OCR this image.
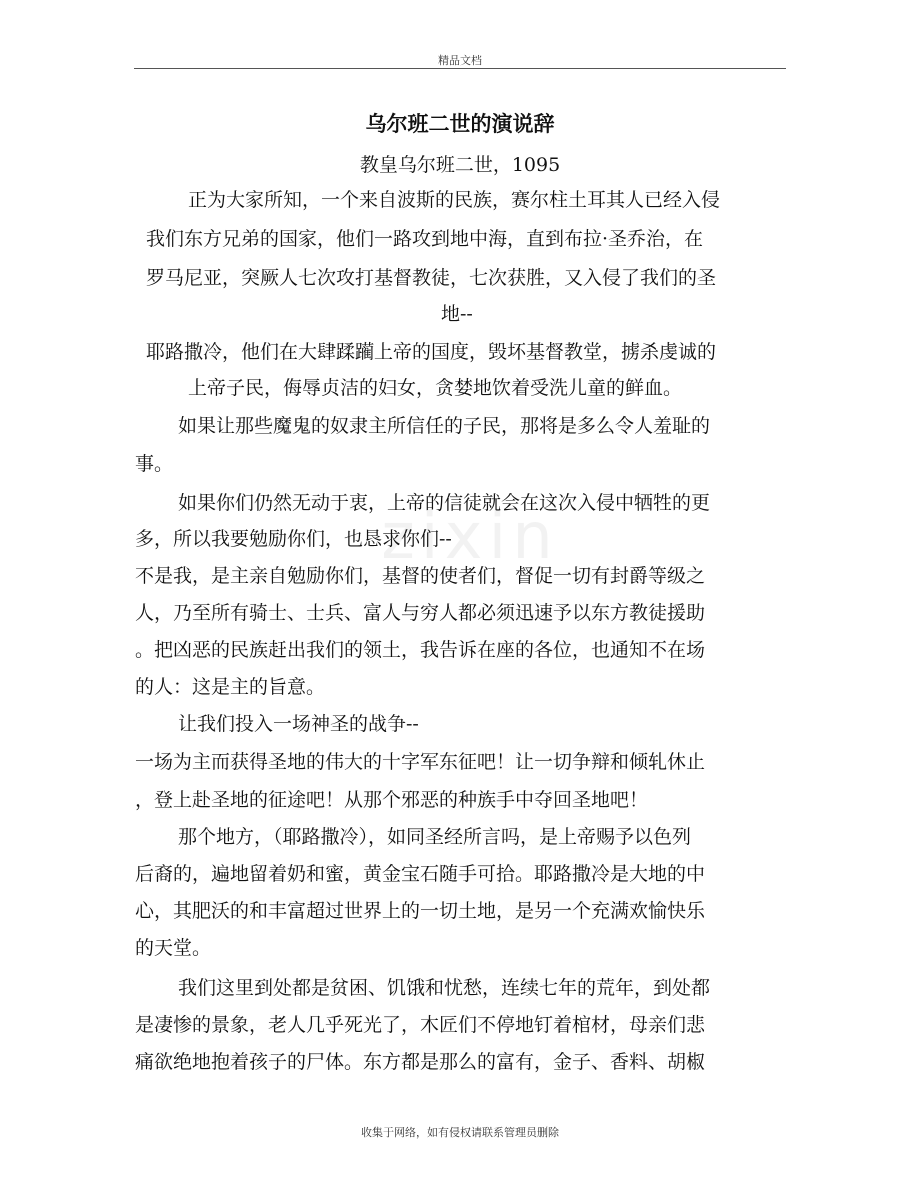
精品文档
zixin
乌尔班二世的演说辞
教皇乌尔班二世，1095
正为大家所知，一个来自波斯的民族，赛尔柱土耳其人已经入侵
我们东方兄弟的国家，他们一路攻到地中海，直到布拉·圣乔治，在
罗马尼亚，突厥人七次攻打基督教徒，七次获胜，又入侵了我们的圣
地--
耶路撒冷，他们在大肆蹂躏上帝的国度，毁坏基督教堂，掳杀虔诚的
上帝子民，侮辱贞洁的妇女，贪婪地饮着受洗儿童的鲜血。
如果让那些魔鬼的奴隶主所信任的子民，那将是多么令人羞耻的
事。
如果你们仍然无动于衷，上帝的信徒就会在这次入侵中牺牲的更
多，所以我要勉励你们，也恳求你们--
不是我，是主亲自勉励你们，基督的使者们，督促一切有封爵等级之
人，乃至所有骑士、士兵、富人与穷人都必须迅速予以东方教徒援助
。把凶恶的民族赶出我们的领土，我告诉在座的各位，也通知不在场
的人：这是主的旨意。
让我们投入一场神圣的战争--
一场为主而获得圣地的伟大的十字军东征吧！让一切争辩和倾轧休止
，登上赴圣地的征途吧！从那个邪恶的种族手中夺回圣地吧！
那个地方，（耶路撒冷），如同圣经所言吗，是上帝赐予以色列
后裔的，遍地留着奶和蜜，黄金宝石随手可拾。耶路撒冷是大地的中
心，其肥沃的和丰富超过世界上的一切土地，是另一个充满欢愉快乐
的天堂。
我们这里到处都是贫困、饥饿和忧愁，连续七年的荒年，到处都
是凄惨的景象，老人几乎死光了，木匠们不停地钉着棺材，母亲们悲
痛欲绝地抱着孩子的尸体。东方都是那么的富有，金子、香料、胡椒
收集于网络，如有侵权请联系管理员删除
